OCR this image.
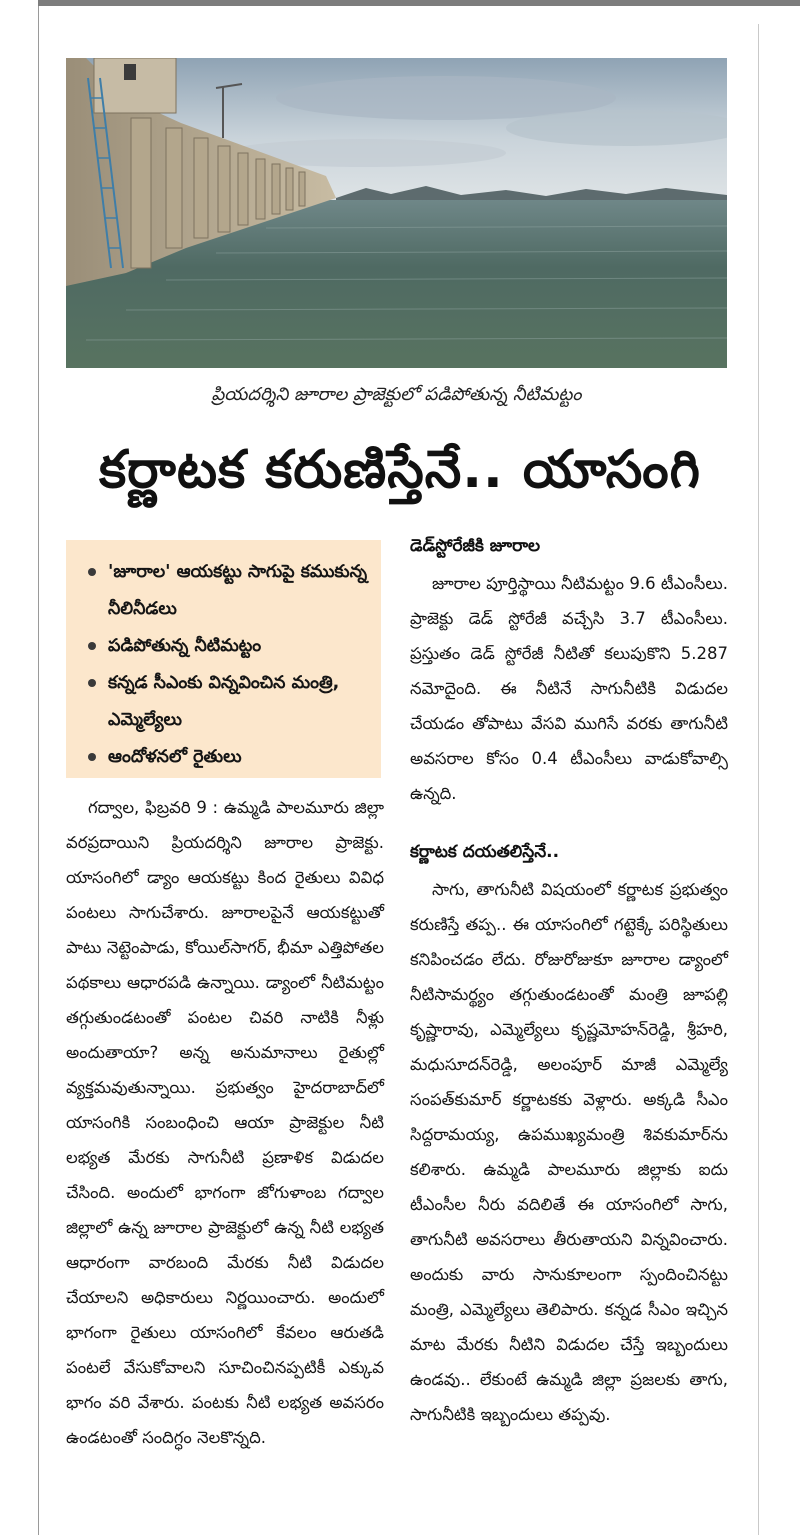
ప్రియదర్శిని జూరాల ప్రాజెక్టులో పడిపోతున్న నీటిమట్టం
కర్ణాటక కరుణిస్తేనే.. యాసంగి
'జూరాల' ఆయకట్టు సాగుపై కముకున్న నీలినీడలు
పడిపోతున్న నీటిమట్టం
కన్నడ సీఎంకు విన్నవించిన మంత్రి, ఎమ్మెల్యేలు
ఆందోళనలో రైతులు

గద్వాల, ఫిబ్రవరి 9 : ఉమ్మడి పాలమూరు జిల్లా వరప్రదాయిని ప్రియదర్శిని జూరాల ప్రాజెక్టు. యాసంగిలో డ్యాం ఆయకట్టు కింద రైతులు వివిధ పంటలు సాగుచేశారు. జూరాలపైనే ఆయకట్టుతో పాటు నెట్టెంపాడు, కోయిల్‌సాగర్, భీమా ఎత్తిపోతల పథకాలు ఆధారపడి ఉన్నాయి. డ్యాంలో నీటిమట్టం తగ్గుతుండటంతో పంటల చివరి నాటికి నీళ్లు అందుతాయా? అన్న అనుమానాలు రైతుల్లో వ్యక్తమవుతున్నాయి. ప్రభుత్వం హైదరాబాద్‌లో యాసంగికి సంబంధించి ఆయా ప్రాజెక్టుల నీటి లభ్యత మేరకు సాగునీటి ప్రణాళిక విడుదల చేసింది. అందులో భాగంగా జోగుళాంబ గద్వాల జిల్లాలో ఉన్న జూరాల ప్రాజెక్టులో ఉన్న నీటి లభ్యత ఆధారంగా వారబంది మేరకు నీటి విడుదల చేయాలని అధికారులు నిర్ణయించారు. అందులో భాగంగా రైతులు యాసంగిలో కేవలం ఆరుతడి పంటలే వేసుకోవాలని సూచించినప్పటికీ ఎక్కువ భాగం వరి వేశారు. పంటకు నీటి లభ్యత అవసరం ఉండటంతో సందిగ్ధం నెలకొన్నది.

డెడ్‌స్టోరేజీకి జూరాల

జూరాల పూర్తిస్థాయి నీటిమట్టం 9.6 టీఎంసీలు. ప్రాజెక్టు డెడ్ స్టోరేజీ వచ్చేసి 3.7 టీఎంసీలు. ప్రస్తుతం డెడ్ స్టోరేజీ నీటితో కలుపుకొని 5.287 నమోదైంది. ఈ నీటినే సాగునీటికి విడుదల చేయడం తోపాటు వేసవి ముగిసే వరకు తాగునీటి అవసరాల కోసం 0.4 టీఎంసీలు వాడుకోవాల్సి ఉన్నది.

కర్ణాటక దయతలిస్తేనే..

సాగు, తాగునీటి విషయంలో కర్ణాటక ప్రభుత్వం కరుణిస్తే తప్ప.. ఈ యాసంగిలో గట్టెక్కే పరిస్థితులు కనిపించడం లేదు. రోజురోజుకూ జూరాల డ్యాంలో నీటిసామర్థ్యం తగ్గుతుండటంతో మంత్రి జూపల్లి కృష్ణారావు, ఎమ్మెల్యేలు కృష్ణమోహన్‌రెడ్డి, శ్రీహరి, మధుసూదన్‌రెడ్డి, అలంపూర్ మాజీ ఎమ్మెల్యే సంపత్‌కుమార్ కర్ణాటకకు వెళ్లారు. అక్కడి సీఎం సిద్దరామయ్య, ఉపముఖ్యమంత్రి శివకుమార్‌ను కలిశారు. ఉమ్మడి పాలమూరు జిల్లాకు ఐదు టీఎంసీల నీరు వదిలితే ఈ యాసంగిలో సాగు, తాగునీటి అవసరాలు తీరుతాయని విన్నవించారు. అందుకు వారు సానుకూలంగా స్పందించినట్టు మంత్రి, ఎమ్మెల్యేలు తెలిపారు. కన్నడ సీఎం ఇచ్చిన మాట మేరకు నీటిని విడుదల చేస్తే ఇబ్బందులు ఉండవు.. లేకుంటే ఉమ్మడి జిల్లా ప్రజలకు తాగు, సాగునీటికి ఇబ్బందులు తప్పవు.
